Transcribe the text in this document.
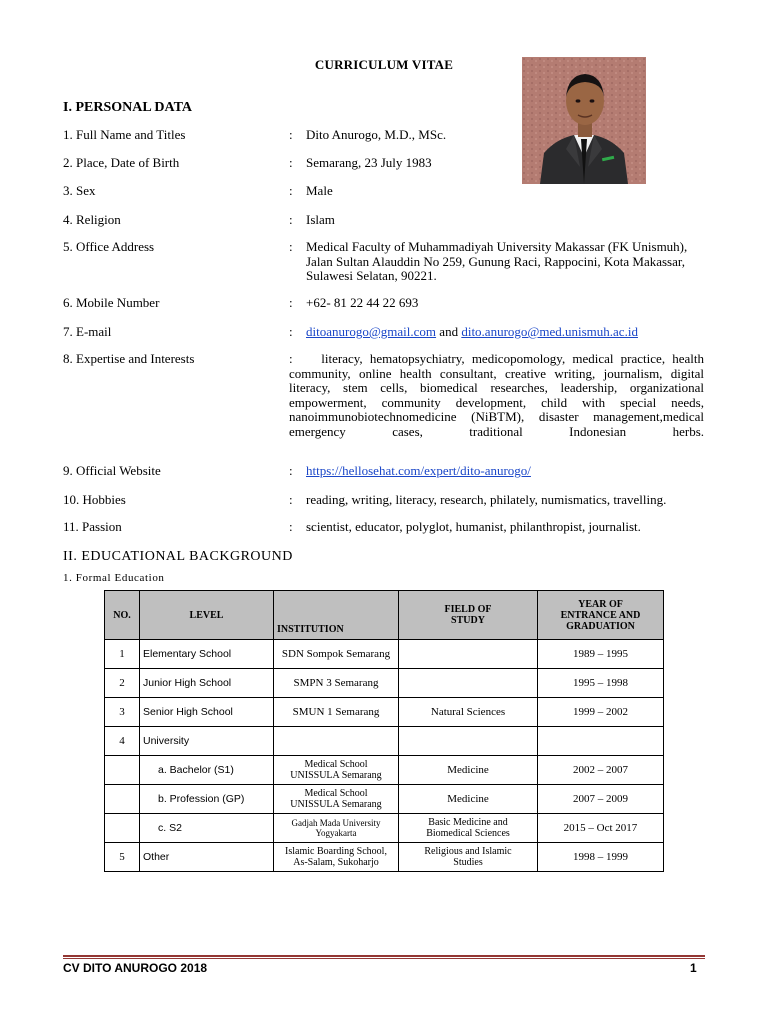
CURRICULUM VITAE
I. PERSONAL DATA
1. Full Name and Titles	: Dito Anurogo, M.D., MSc.
2. Place, Date of Birth	: Semarang, 23 July 1983
3. Sex	: Male
4. Religion	: Islam
5. Office Address	: Medical Faculty of Muhammadiyah University Makassar (FK Unismuh), Jalan Sultan Alauddin No 259, Gunung Raci, Rappocini, Kota Makassar, Sulawesi Selatan, 90221.
6. Mobile Number	: +62- 81 22 44 22 693
7. E-mail	: ditoanurogo@gmail.com and dito.anurogo@med.unismuh.ac.id
8. Expertise and Interests	:    literacy, hematopsychiatry, medicopomology, medical practice, health community, online health consultant, creative writing, journalism, digital literacy, stem cells, biomedical researches, leadership, organizational empowerment, community development, child with special needs, nanoimmunobiotechnomedicine (NiBTM), disaster management,medical emergency cases, traditional Indonesian herbs.
9. Official Website	: https://hellosehat.com/expert/dito-anurogo/
10. Hobbies	: reading, writing, literacy, research, philately, numismatics, travelling.
11. Passion	: scientist, educator, polyglot, humanist, philanthropist, journalist.
II. EDUCATIONAL BACKGROUND
1. Formal Education
NO.	LEVEL	INSTITUTION	FIELD OF
STUDY	YEAR OF
ENTRANCE AND
GRADUATION
1	Elementary School	SDN Sompok Semarang		1989 – 1995
2	Junior High School	SMPN 3 Semarang		1995 – 1998
3	Senior High School	SMUN 1 Semarang	Natural Sciences	1999 – 2002
4	University			
	a. Bachelor (S1)	Medical School
UNISSULA Semarang	Medicine	2002 – 2007
	b. Profession (GP)	Medical School
UNISSULA Semarang	Medicine	2007 – 2009
	c. S2	Gadjah Mada University
Yogyakarta	Basic Medicine and
Biomedical Sciences	2015 – Oct 2017
5	Other	Islamic Boarding School,
As-Salam, Sukoharjo	Religious and Islamic
Studies	1998 – 1999
CV DITO ANUROGO 2018	1
